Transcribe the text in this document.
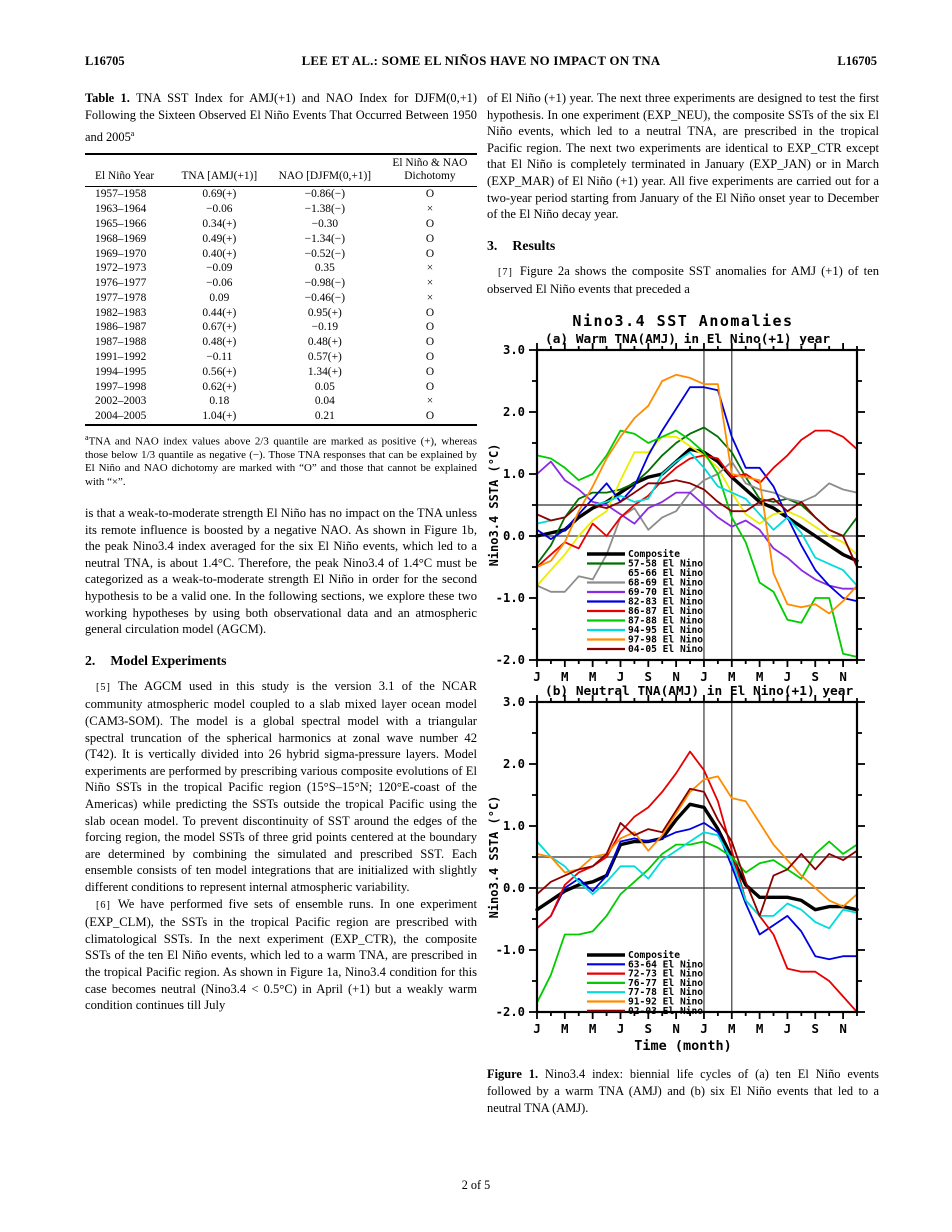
L16705	LEE ET AL.: SOME EL NIÑOS HAVE NO IMPACT ON TNA	L16705
Table 1. TNA SST Index for AMJ(+1) and NAO Index for DJFM(0,+1) Following the Sixteen Observed El Niño Events That Occurred Between 1950 and 2005$^a$
El Niño Year	TNA [AMJ(+1)]	NAO [DJFM(0,+1)]	El Niño & NAO
Dichotomy
1957–1958	0.69(+)	−0.86(−)	O
1963–1964	−0.06	−1.38(−)	×
1965–1966	0.34(+)	−0.30	O
1968–1969	0.49(+)	−1.34(−)	O
1969–1970	0.40(+)	−0.52(−)	O
1972–1973	−0.09	0.35	×
1976–1977	−0.06	−0.98(−)	×
1977–1978	0.09	−0.46(−)	×
1982–1983	0.44(+)	0.95(+)	O
1986–1987	0.67(+)	−0.19	O
1987–1988	0.48(+)	0.48(+)	O
1991–1992	−0.11	0.57(+)	O
1994–1995	0.56(+)	1.34(+)	O
1997–1998	0.62(+)	0.05	O
2002–2003	0.18	0.04	×
2004–2005	1.04(+)	0.21	O

$^a$TNA and NAO index values above 2/3 quantile are marked as positive (+), whereas those below 1/3 quantile as negative (−). Those TNA responses that can be explained by El Niño and NAO dichotomy are marked with “O” and those that cannot be explained with “×”.

is that a weak-to-moderate strength El Niño has no impact on the TNA unless its remote influence is boosted by a negative NAO. As shown in Figure 1b, the peak Nino3.4 index averaged for the six El Niño events, which led to a neutral TNA, is about 1.4°C. Therefore, the peak Nino3.4 of 1.4°C must be categorized as a weak-to-moderate strength El Niño in order for the second hypothesis to be a valid one. In the following sections, we explore these two working hypotheses by using both observational data and an atmospheric general circulation model (AGCM).

2. Model Experiments

[5] The AGCM used in this study is the version 3.1 of the NCAR community atmospheric model coupled to a slab mixed layer ocean model (CAM3-SOM). The model is a global spectral model with a triangular spectral truncation of the spherical harmonics at zonal wave number 42 (T42). It is vertically divided into 26 hybrid sigma-pressure layers. Model experiments are performed by prescribing various composite evolutions of El Niño SSTs in the tropical Pacific region (15°S–15°N; 120°E-coast of the Americas) while predicting the SSTs outside the tropical Pacific using the slab ocean model. To prevent discontinuity of SST around the edges of the forcing region, the model SSTs of three grid points centered at the boundary are determined by combining the simulated and prescribed SST. Each ensemble consists of ten model integrations that are initialized with slightly different conditions to represent internal atmospheric variability.

[6] We have performed five sets of ensemble runs. In one experiment (EXP_CLM), the SSTs in the tropical Pacific region are prescribed with climatological SSTs. In the next experiment (EXP_CTR), the composite SSTs of the ten El Niño events, which led to a warm TNA, are prescribed in the tropical Pacific region. As shown in Figure 1a, Nino3.4 condition for this case becomes neutral (Nino3.4 < 0.5°C) in April (+1) but a weakly warm condition continues till July

of El Niño (+1) year. The next three experiments are designed to test the first hypothesis. In one experiment (EXP_NEU), the composite SSTs of the six El Niño events, which led to a neutral TNA, are prescribed in the tropical Pacific region. The next two experiments are identical to EXP_CTR except that El Niño is completely terminated in January (EXP_JAN) or in March (EXP_MAR) of El Niño (+1) year. All five experiments are carried out for a two-year period starting from January of the El Niño onset year to December of the El Niño decay year.

3. Results

[7] Figure 2a shows the composite SST anomalies for AMJ (+1) of ten observed El Niño events that preceded a

Nino3.4 SST Anomalies
3.0
2.0
1.0
0.0
-1.0
-2.0
J M M J S N J M M J S N
(a) Warm TNA(AMJ) in El Nino(+1) year
Nino3.4 SSTA (°C)	Composite
57-58 El Nino
65-66 El Nino
68-69 El Nino
69-70 El Nino
82-83 El Nino
86-87 El Nino
87-88 El Nino
94-95 El Nino
97-98 El Nino
04-05 El Nino
3.0
2.0
1.0
0.0
-1.0
-2.0
J M M J S N J M M J S N
(b) Neutral TNA(AMJ) in El Nino(+1) year
Nino3.4 SSTA (°C)
Composite
63-64 El Nino
72-73 El Nino
76-77 El Nino
77-78 El Nino
91-92 El Nino
02-03 El Nino
Time (month)

Figure 1. Nino3.4 index: biennial life cycles of (a) ten El Niño events followed by a warm TNA (AMJ) and (b) six El Niño events that led to a neutral TNA (AMJ).

2 of 5
